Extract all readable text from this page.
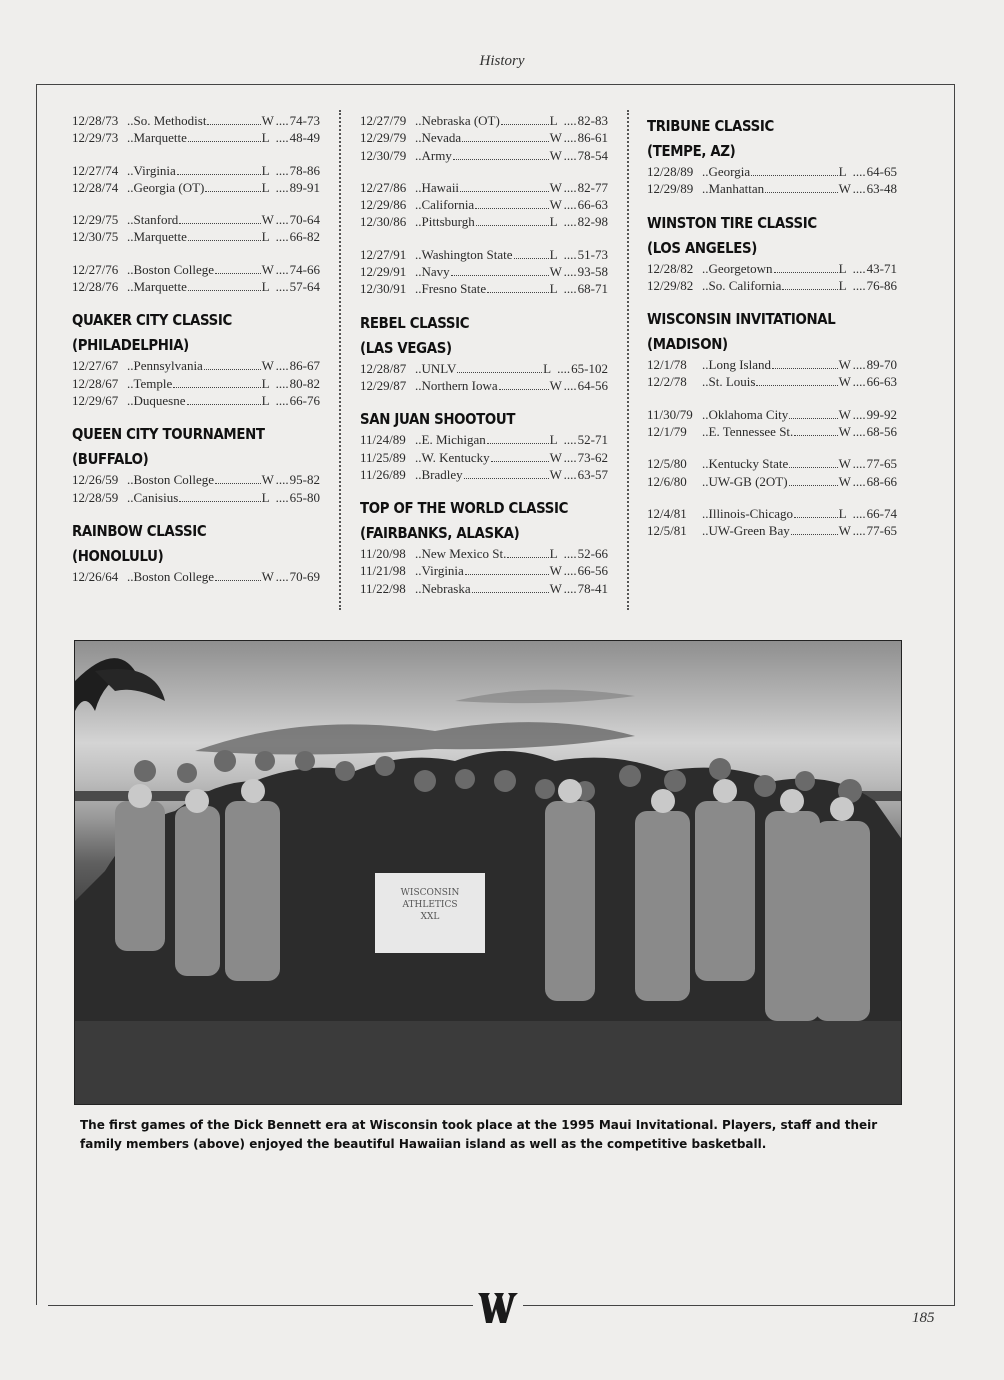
History
12/28/73 .. So. Methodist	W .... 74-73
12/29/73 .. Marquette	L .... 48-49
12/27/74 .. Virginia	L .... 78-86
12/28/74 .. Georgia (OT)	L .... 89-91
12/29/75 .. Stanford	W .... 70-64
12/30/75 .. Marquette	L .... 66-82
12/27/76 .. Boston College	W .... 74-66
12/28/76 .. Marquette	L .... 57-64
QUAKER CITY CLASSIC
(PHILADELPHIA)
12/27/67 .. Pennsylvania	W .... 86-67
12/28/67 .. Temple	L .... 80-82
12/29/67 .. Duquesne	L .... 66-76
QUEEN CITY TOURNAMENT
(BUFFALO)
12/26/59 .. Boston College	W .... 95-82
12/28/59 .. Canisius	L .... 65-80
RAINBOW CLASSIC
(HONOLULU)
12/26/64 .. Boston College	W .... 70-69
12/27/79 .. Nebraska (OT)	L .... 82-83
12/29/79 .. Nevada	W .... 86-61
12/30/79 .. Army	W .... 78-54
12/27/86 .. Hawaii	W .... 82-77
12/29/86 .. California	W .... 66-63
12/30/86 .. Pittsburgh	L .... 82-98
12/27/91 .. Washington State	L .... 51-73
12/29/91 .. Navy	W .... 93-58
12/30/91 .. Fresno State	L .... 68-71
REBEL CLASSIC
(LAS VEGAS)
12/28/87 .. UNLV	L .... 65-102
12/29/87 .. Northern Iowa	W .... 64-56
SAN JUAN SHOOTOUT
11/24/89 .. E. Michigan	L .... 52-71
11/25/89 .. W. Kentucky	W .... 73-62
11/26/89 .. Bradley	W .... 63-57
TOP OF THE WORLD CLASSIC
(FAIRBANKS, ALASKA)
11/20/98 .. New Mexico St.	L .... 52-66
11/21/98 .. Virginia	W .... 66-56
11/22/98 .. Nebraska	W .... 78-41
TRIBUNE CLASSIC
(TEMPE, AZ)
12/28/89 .. Georgia	L .... 64-65
12/29/89 .. Manhattan	W .... 63-48
WINSTON TIRE CLASSIC
(LOS ANGELES)
12/28/82 .. Georgetown	L .... 43-71
12/29/82 .. So. California	L .... 76-86
WISCONSIN INVITATIONAL
(MADISON)
12/1/78	.. Long Island	W .... 89-70
12/2/78	.. St. Louis	W .... 66-63
11/30/79 .. Oklahoma City	W .... 99-92
12/1/79	.. E. Tennessee St.	W .... 68-56
12/5/80	.. Kentucky State	W .... 77-65
12/6/80	.. UW-GB (2OT)	W .... 68-66
12/4/81	.. Illinois-Chicago	L .... 66-74
12/5/81	.. UW-Green Bay	W .... 77-65
WISCONSIN
ATHLETICS
XXL
The first games of the Dick Bennett era at Wisconsin took place at the 1995 Maui Invitational. Players, staff and their family members (above) enjoyed the beautiful Hawaiian island as well as the competitive basketball.
185
